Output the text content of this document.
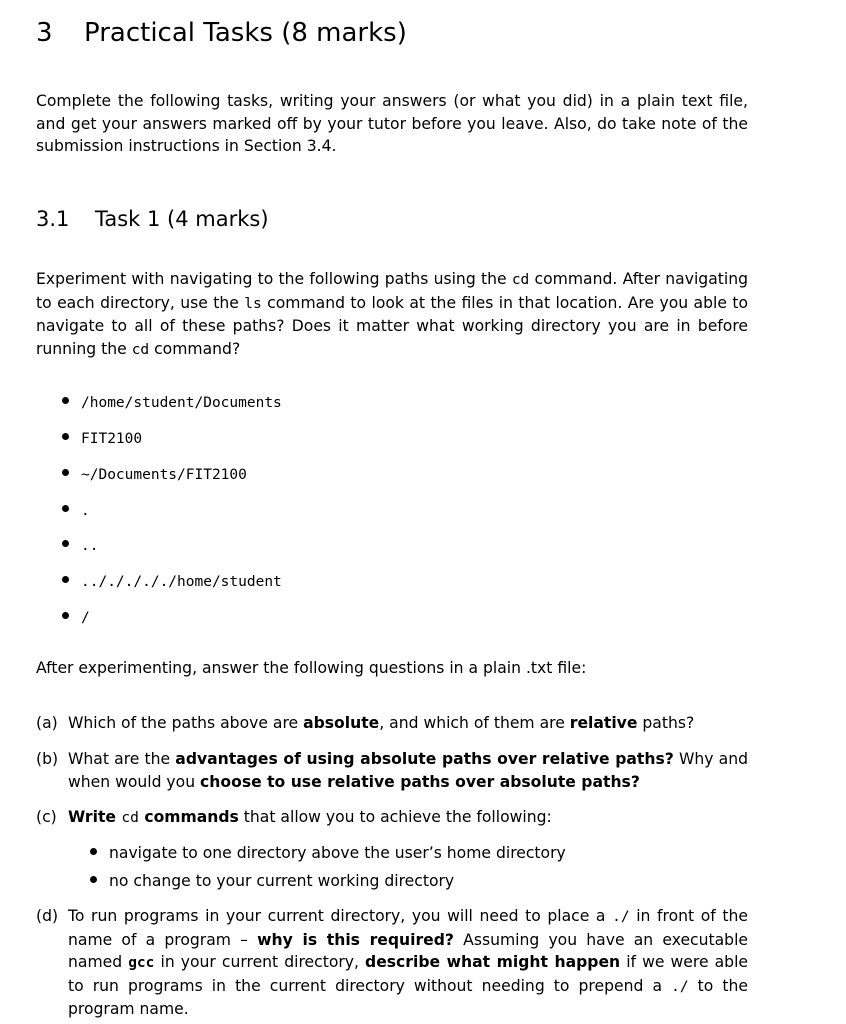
3 Practical Tasks (8 marks)
Complete the following tasks, writing your answers (or what you did) in a plain text file, and get your answers marked off by your tutor before you leave. Also, do take note of the submission instructions in Section 3.4.
3.1 Task 1 (4 marks)
Experiment with navigating to the following paths using the cd command. After navigating to each directory, use the ls command to look at the files in that location. Are you able to navigate to all of these paths? Does it matter what working directory you are in before running the cd command?
/home/student/Documents
FIT2100
~/Documents/FIT2100
.
..
../././././home/student
/
After experimenting, answer the following questions in a plain .txt file:
(a) Which of the paths above are absolute, and which of them are relative paths?
(b) What are the advantages of using absolute paths over relative paths? Why and when would you choose to use relative paths over absolute paths?
(c) Write cd commands that allow you to achieve the following:
navigate to one directory above the user’s home directory
no change to your current working directory
(d) To run programs in your current directory, you will need to place a ./ in front of the name of a program – why is this required? Assuming you have an executable named gcc in your current directory, describe what might happen if we were able to run programs in the current directory without needing to prepend a ./ to the program name.
